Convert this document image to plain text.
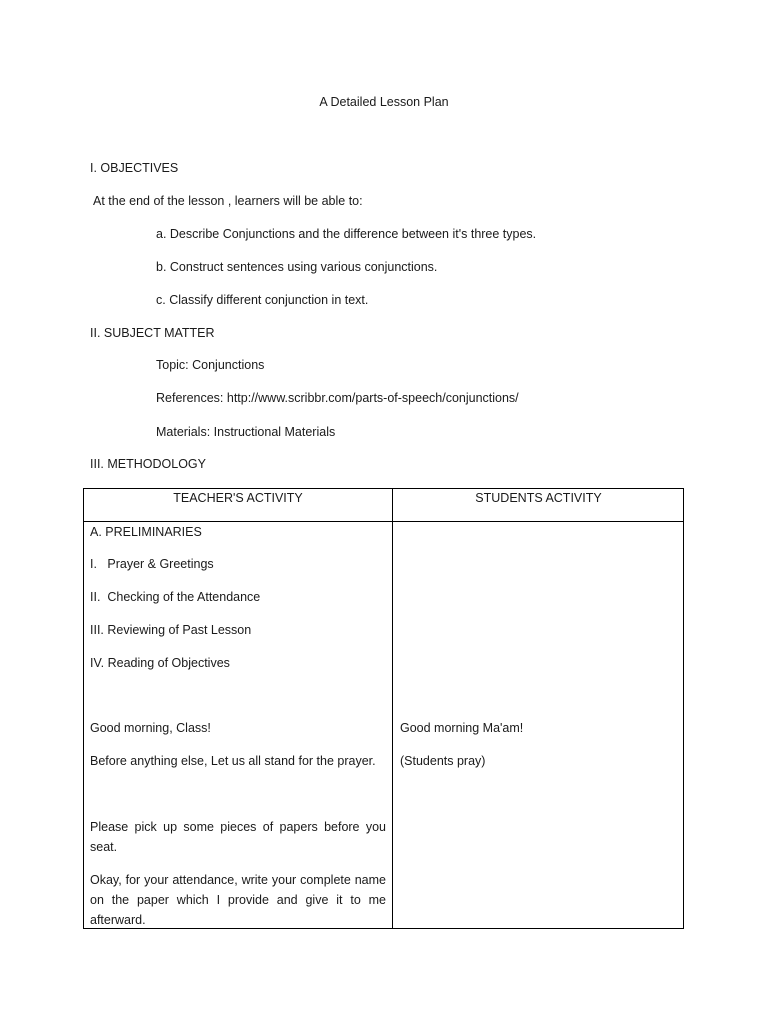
A Detailed Lesson Plan
I. OBJECTIVES
At the end of the lesson , learners will be able to:
a. Describe Conjunctions and the difference between it's three types.
b. Construct sentences using various conjunctions.
c. Classify different conjunction in text.
II. SUBJECT MATTER
Topic: Conjunctions
References: http://www.scribbr.com/parts-of-speech/conjunctions/
Materials: Instructional Materials
III. METHODOLOGY
TEACHER'S ACTIVITY	STUDENTS ACTIVITY
A. PRELIMINARIES
I.   Prayer & Greetings
II.  Checking of the Attendance
III. Reviewing of Past Lesson
IV. Reading of Objectives
Good morning, Class!	Good morning Ma'am!
Before anything else, Let us all stand for the prayer. (Students pray)
Please pick up some pieces of papers before you seat.
Okay, for your attendance, write your complete name on the paper which I provide and give it to me afterward.
